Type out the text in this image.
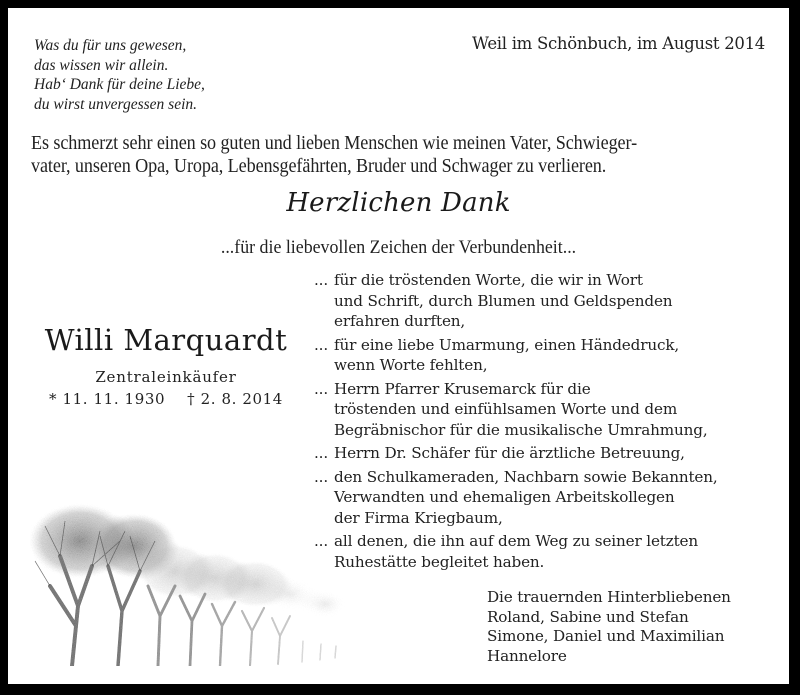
Was du für uns gewesen,
das wissen wir allein.
Hab‘ Dank für deine Liebe,
du wirst unvergessen sein.
Weil im Schönbuch, im August 2014
Es schmerzt sehr einen so guten und lieben Menschen wie meinen Vater, Schwieger-
vater, unseren Opa, Uropa, Lebensgefährten, Bruder und Schwager zu verlieren.
Herzlichen Dank
...für die liebevollen Zeichen der Verbundenheit...
Willi Marquardt
Zentraleinkäufer
* 11. 11. 1930 † 2. 8. 2014
... für die tröstenden Worte, die wir in Wort
und Schrift, durch Blumen und Geldspenden
erfahren durften,
... für eine liebe Umarmung, einen Händedruck,
wenn Worte fehlten,
... Herrn Pfarrer Krusemarck für die
tröstenden und einfühlsamen Worte und dem
Begräbnischor für die musikalische Umrahmung,
... Herrn Dr. Schäfer für die ärztliche Betreuung,
... den Schulkameraden, Nachbarn sowie Bekannten,
Verwandten und ehemaligen Arbeitskollegen
der Firma Kriegbaum,
... all denen, die ihn auf dem Weg zu seiner letzten
Ruhestätte begleitet haben.
Die trauernden Hinterbliebenen
Roland, Sabine und Stefan
Simone, Daniel und Maximilian
Hannelore
